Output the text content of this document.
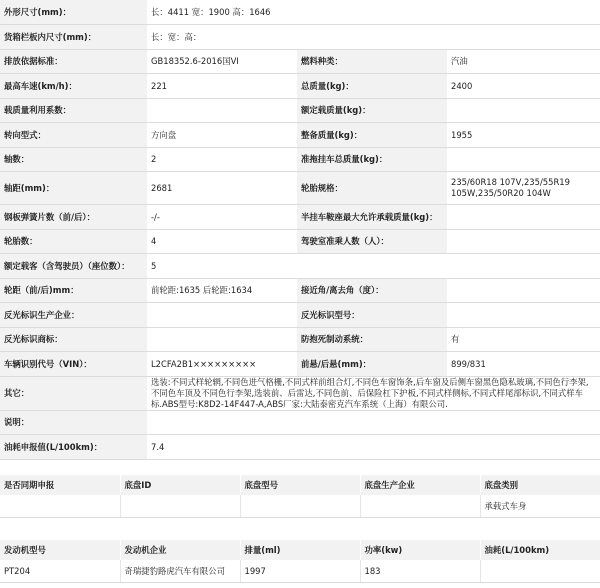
外形尺寸(mm)：	长：4411 宽：1900 高：1646		
货箱栏板内尺寸(mm)：	长：宽：高：		
排放依据标准：	GB18352.6-2016国VI	燃料种类：	汽油
最高车速(km/h)：	221	总质量(kg)：	2400
载质量利用系数：		额定载质量(kg)：	
转向型式：	方向盘	整备质量(kg)：	1955
轴数：	2	准拖挂车总质量(kg)：	
轴距(mm)：	2681	轮胎规格：	235/60R18 107V,235/55R19 105W,235/50R20 104W
钢板弹簧片数（前/后）：	-/-	半挂车鞍座最大允许承载质量(kg)：	
轮胎数：	4	驾驶室准乘人数（人）：	
额定载客（含驾驶员）（座位数）：	5		
轮距（前/后)mm：	前轮距:1635 后轮距:1634	接近角/离去角（度）：	
反光标识生产企业：		反光标识型号：	
反光标识商标：		防抱死制动系统：	有
车辆识别代号（VIN）：	L2CFA2B1×××××××××	前悬/后悬(mm)：	899/831
其它：	选装:不同式样轮辋,不同色进气格栅,不同式样前组合灯,不同色车窗饰条,后车窗及后侧车窗黑色隐私玻璃,不同色行李架,不同色车顶及不同色行李架,选装前、后雷达,不同色前、后保险杠下护板,不同式样侧标,不同式样尾部标识,不同式样车标.ABS型号:K8D2-14F447-A,ABS厂家:大陆泰密克汽车系统（上海）有限公司.		
说明：			
油耗申报值(L/100km)：	7.4		
是否同期申报	底盘ID	底盘型号	底盘生产企业	底盘类别
				承载式车身
发动机型号	发动机企业	排量(ml)	功率(kw)	油耗(L/100km)
PT204	奇瑞捷豹路虎汽车有限公司	1997	183	
